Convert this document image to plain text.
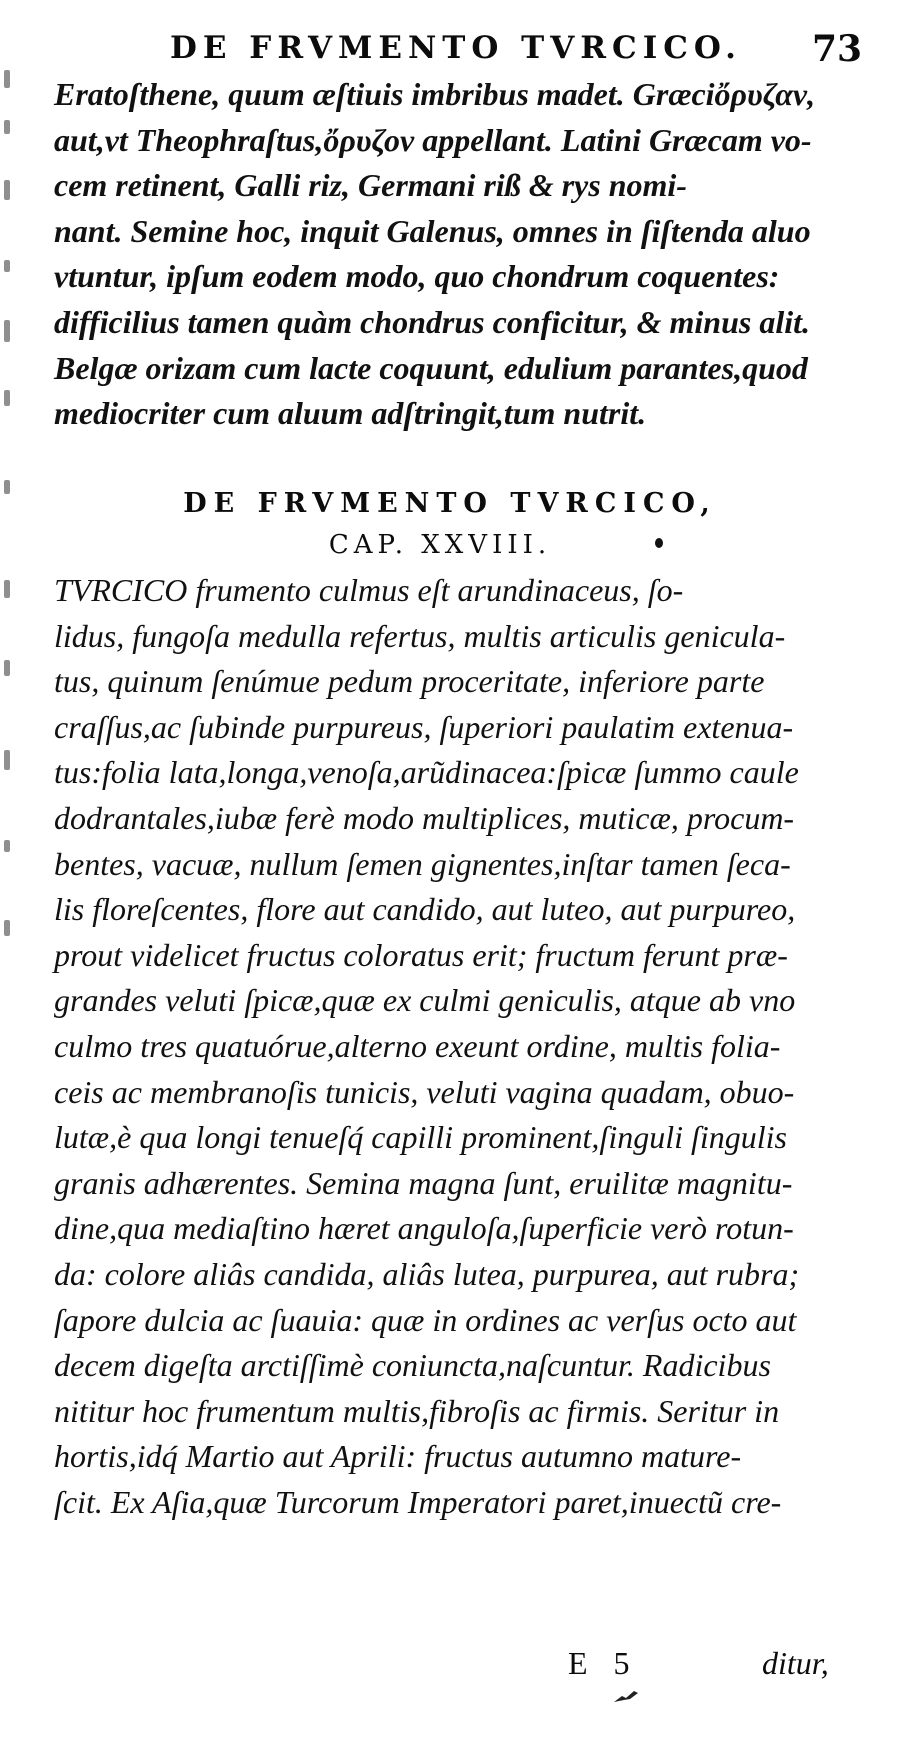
DE FRVMENTO TVRCICO. 73
Eratoſthene, quum æſtiuis imbribus madet. Græciὄρυζαν,
aut,vt Theophraſtus,ὄρυζον appellant. Latini Græcam vo-
cem retinent, Galli riz, Germani riß & rys nomi-
nant. Semine hoc, inquit Galenus, omnes in ſiſtenda aluo
vtuntur, ipſum eodem modo, quo chondrum coquentes:
difficilius tamen quàm chondrus conficitur, & minus alit.
Belgæ orizam cum lacte coquunt, edulium parantes,quod
mediocriter cum aluum adſtringit,tum nutrit.
DE FRVMENTO TVRCICO,
CAP. XXVIII.
TVRCICO frumento culmus eſt arundinaceus, ſo-
lidus, fungoſa medulla refertus, multis articulis genicula-
tus, quinum ſenúmue pedum proceritate, inferiore parte
craſſus,ac ſubinde purpureus, ſuperiori paulatim extenua-
tus:folia lata,longa,venoſa,arũdinacea:ſpicæ ſummo caule
dodrantales,iubæ ferè modo multiplices, muticæ, procum-
bentes, vacuæ, nullum ſemen gignentes,inſtar tamen ſeca-
lis floreſcentes, flore aut candido, aut luteo, aut purpureo,
prout videlicet fructus coloratus erit; fructum ferunt præ-
grandes veluti ſpicæ,quæ ex culmi geniculis, atque ab vno
culmo tres quatuórue,alterno exeunt ordine, multis folia-
ceis ac membranoſis tunicis, veluti vagina quadam, obuo-
lutæ,è qua longi tenueſq́ capilli prominent,ſinguli ſingulis
granis adhærentes. Semina magna ſunt, eruilitæ magnitu-
dine,qua mediaſtino hæret anguloſa,ſuperficie verò rotun-
da: colore aliâs candida, aliâs lutea, purpurea, aut rubra;
ſapore dulcia ac ſuauia: quæ in ordines ac verſus octo aut
decem digeſta arctiſſimè coniuncta,naſcuntur. Radicibus
nititur hoc frumentum multis,fibroſis ac firmis. Seritur in
hortis,idq́ Martio aut Aprili: fructus autumno mature-
ſcit. Ex Aſia,quæ Turcorum Imperatori paret,inuectũ cre-
E 5	ditur,
